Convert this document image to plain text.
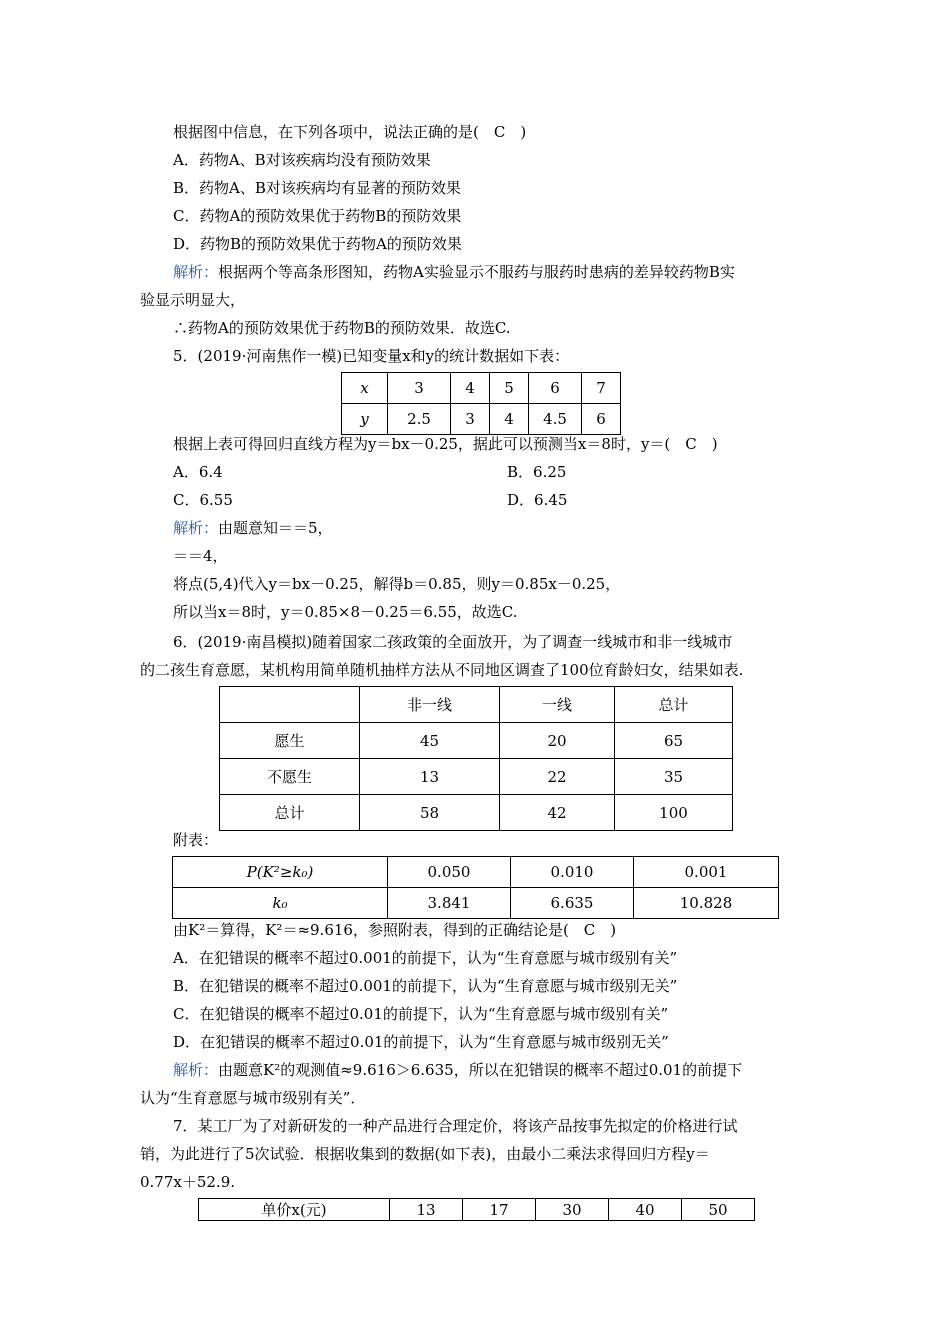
根据图中信息，在下列各项中，说法正确的是(　C　)
A．药物A、B对该疾病均没有预防效果
B．药物A、B对该疾病均有显著的预防效果
C．药物A的预防效果优于药物B的预防效果
D．药物B的预防效果优于药物A的预防效果
解析：根据两个等高条形图知，药物A实验显示不服药与服药时患病的差异较药物B实
验显示明显大，
∴药物A的预防效果优于药物B的预防效果．故选C.
5．(2019·河南焦作一模)已知变量x和y的统计数据如下表：
x	3	4	5	6	7
y	2.5	3	4	4.5	6
根据上表可得回归直线方程为y＝bx－0.25，据此可以预测当x＝8时，y＝(　C　)
A．6.4	B．6.25
C．6.55	D．6.45
解析：由题意知＝＝5，
＝＝4，
将点(5,4)代入y＝bx－0.25，解得b＝0.85，则y＝0.85x－0.25，
所以当x＝8时，y＝0.85×8－0.25＝6.55，故选C.
6．(2019·南昌模拟)随着国家二孩政策的全面放开，为了调查一线城市和非一线城市
的二孩生育意愿，某机构用简单随机抽样方法从不同地区调查了100位育龄妇女，结果如表.
	非一线	一线	总计
愿生	45	20	65
不愿生	13	22	35
总计	58	42	100
附表：
P(K²≥k₀)	0.050	0.010	0.001
k₀	3.841	6.635	10.828
由K²＝算得，K²＝≈9.616，参照附表，得到的正确结论是(　C　)
A．在犯错误的概率不超过0.001的前提下，认为“生育意愿与城市级别有关”
B．在犯错误的概率不超过0.001的前提下，认为“生育意愿与城市级别无关”
C．在犯错误的概率不超过0.01的前提下，认为“生育意愿与城市级别有关”
D．在犯错误的概率不超过0.01的前提下，认为“生育意愿与城市级别无关”
解析：由题意K²的观测值≈9.616＞6.635，所以在犯错误的概率不超过0.01的前提下
认为“生育意愿与城市级别有关”．
7．某工厂为了对新研发的一种产品进行合理定价，将该产品按事先拟定的价格进行试
销，为此进行了5次试验．根据收集到的数据(如下表)，由最小二乘法求得回归方程y＝
0.77x＋52.9.
单价x(元)	13	17	30	40	50
